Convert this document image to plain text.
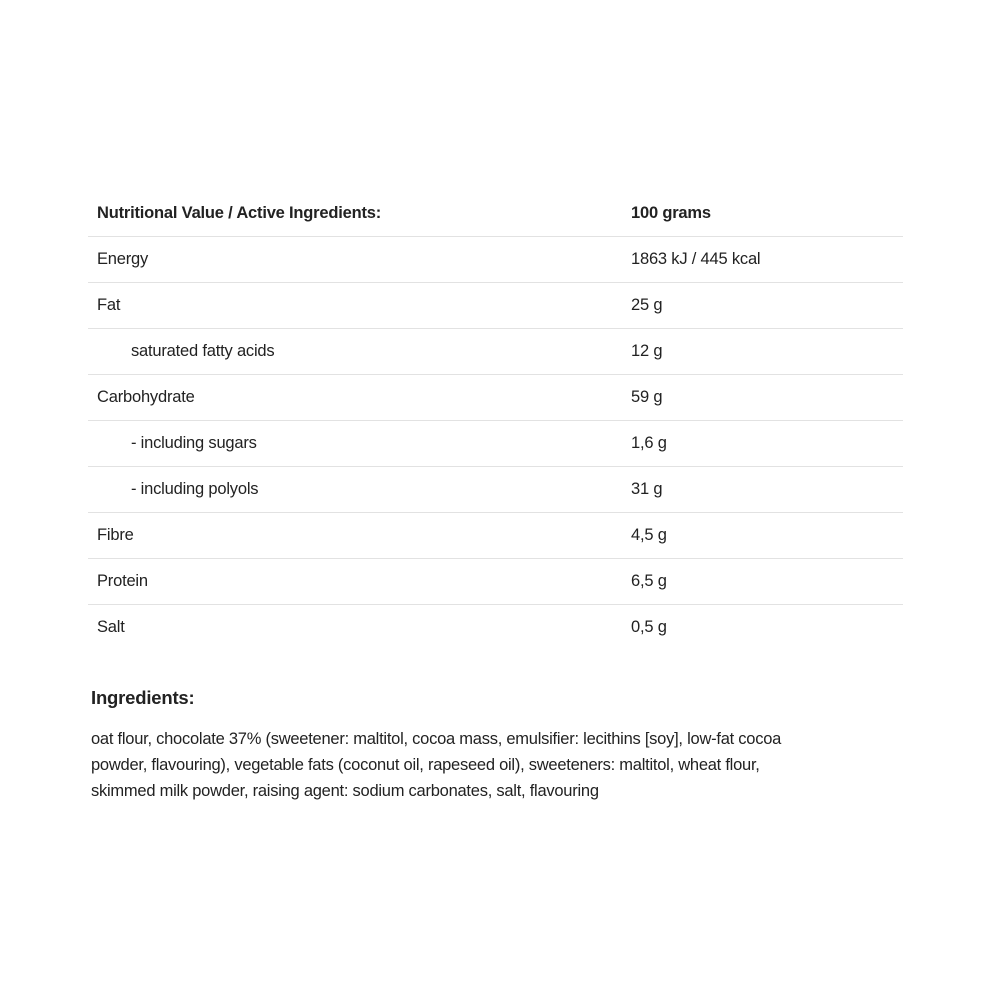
Nutritional Value / Active Ingredients:	100 grams
Energy	1863 kJ / 445 kcal
Fat	25 g
saturated fatty acids	12 g
Carbohydrate	59 g
- including sugars	1,6 g
- including polyols	31 g
Fibre	4,5 g
Protein	6,5 g
Salt	0,5 g
Ingredients:
oat flour, chocolate 37% (sweetener: maltitol, cocoa mass, emulsifier: lecithins [soy], low-fat cocoa
powder, flavouring), vegetable fats (coconut oil, rapeseed oil), sweeteners: maltitol, wheat flour,
skimmed milk powder, raising agent: sodium carbonates, salt, flavouring
